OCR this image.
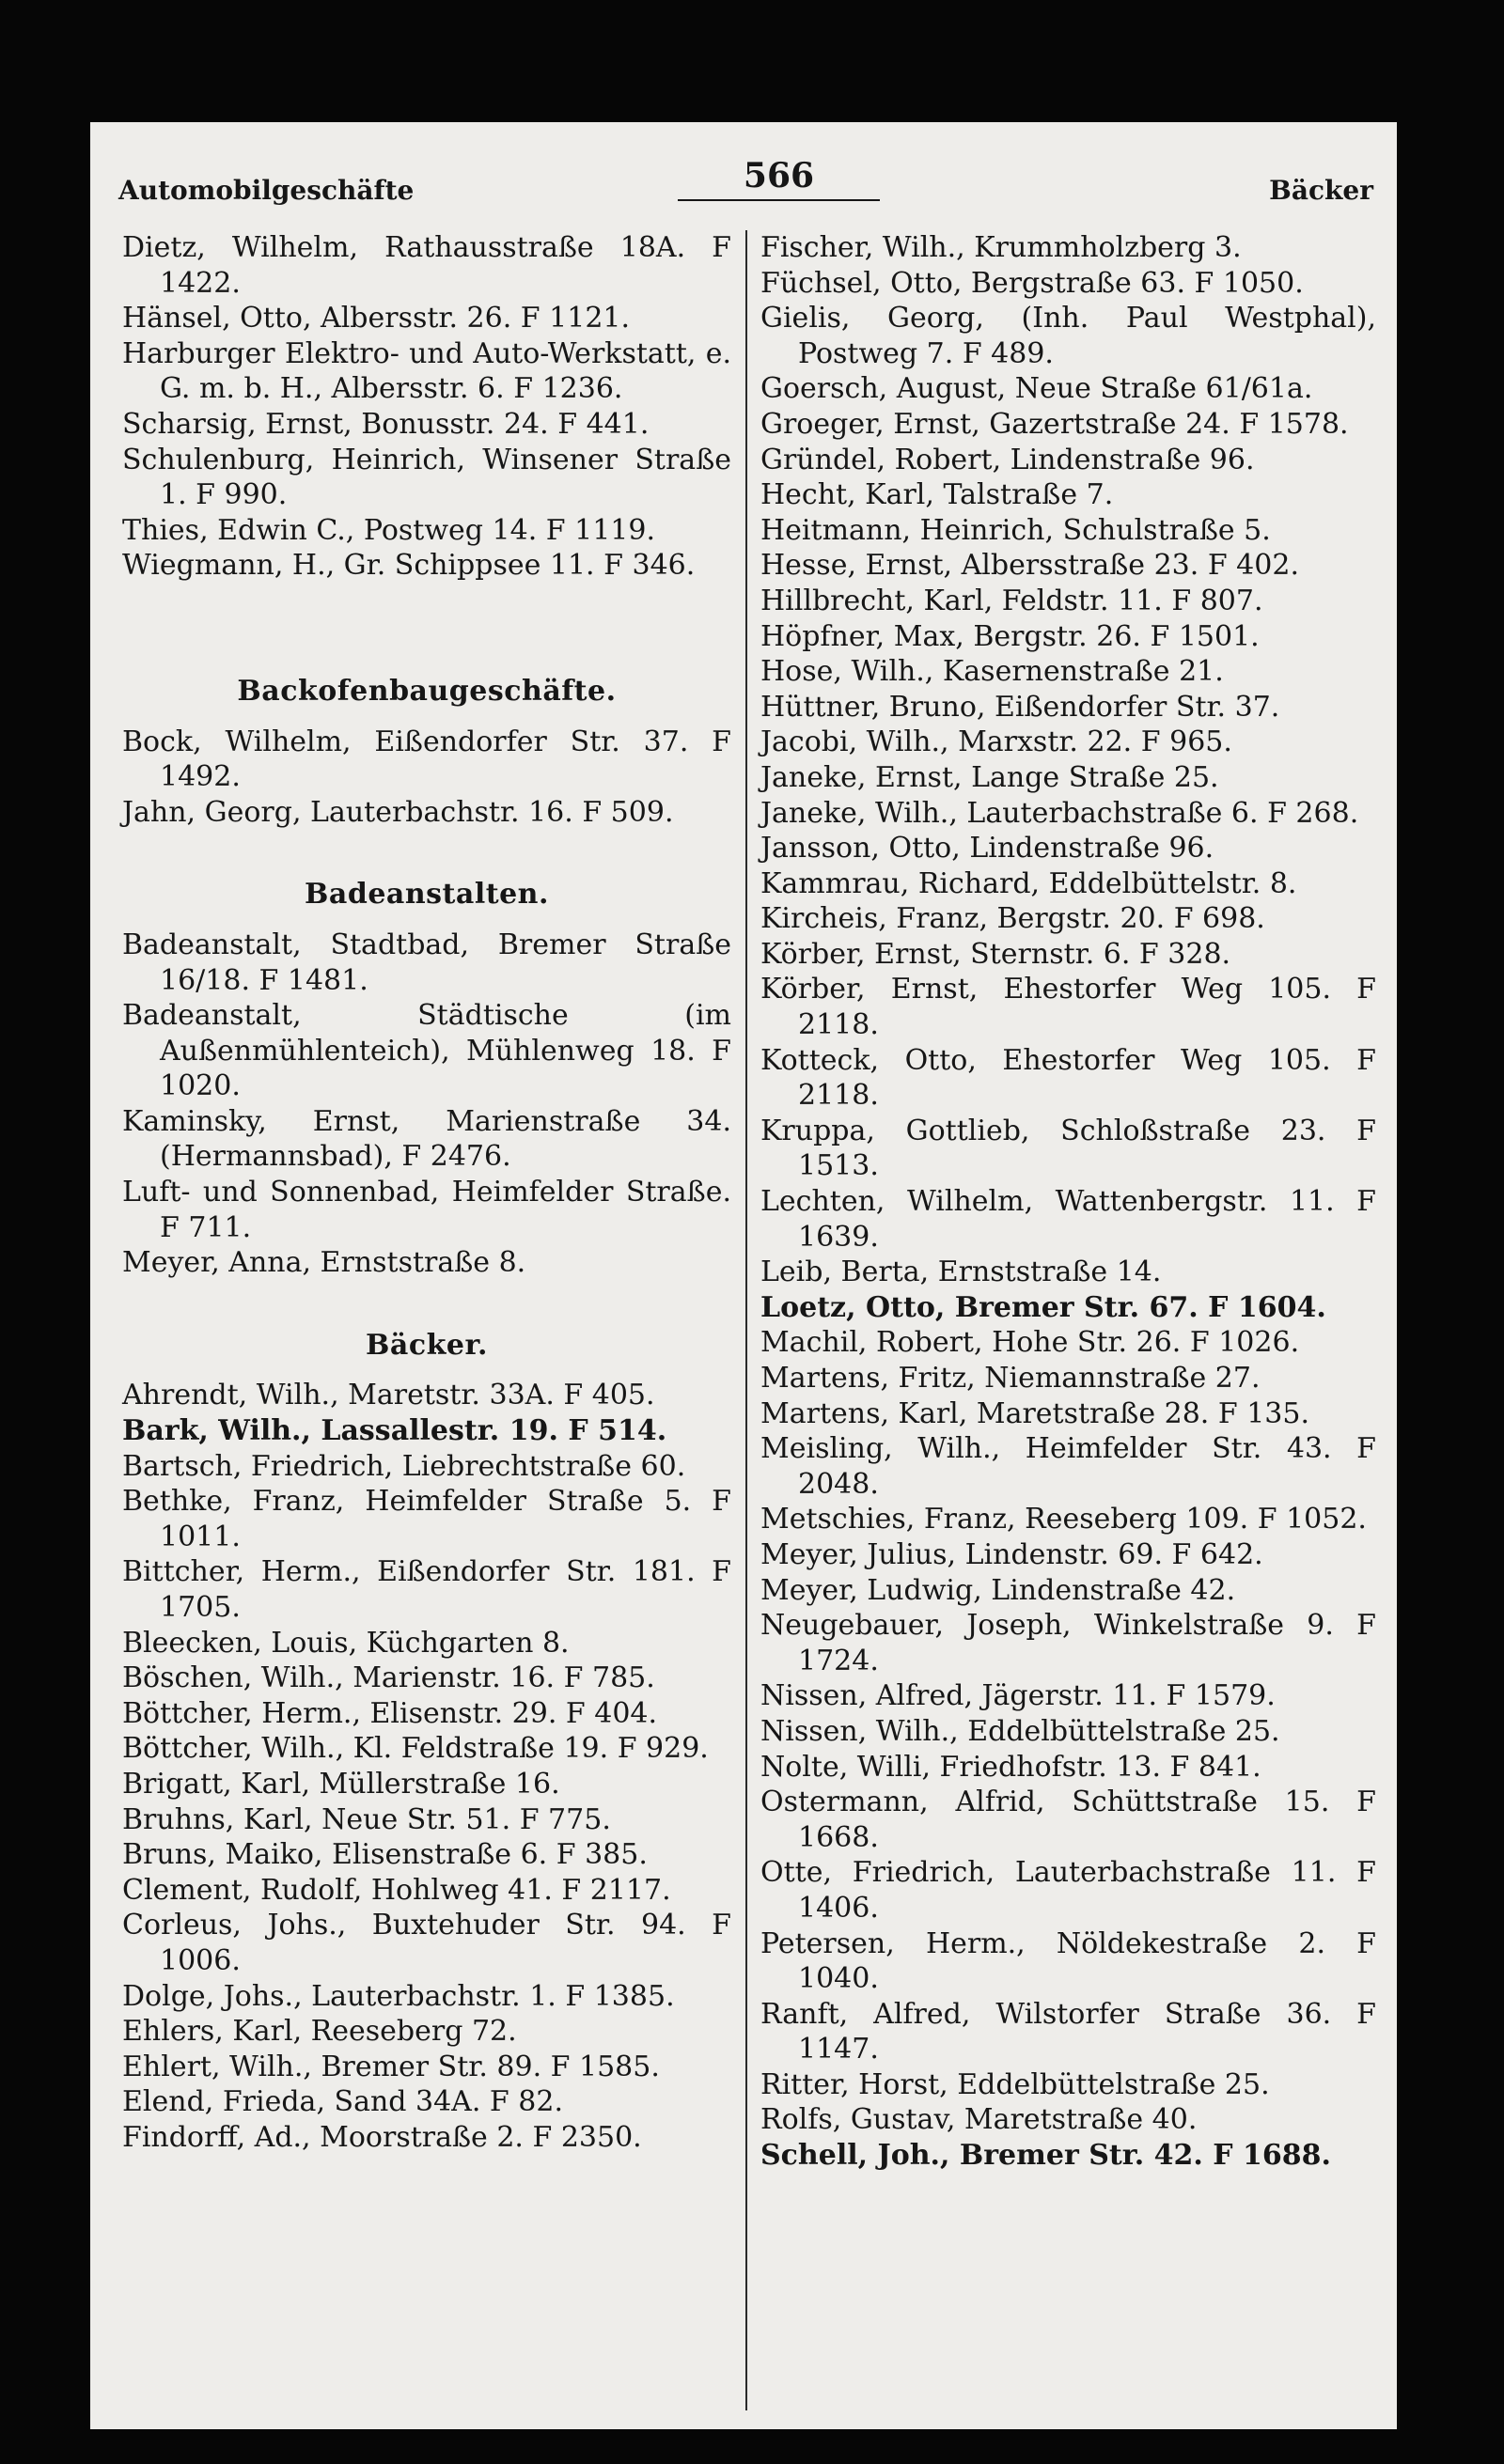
Automobilgeschäfte	566	Bäcker

Dietz, Wilhelm, Rathausstraße 18A. F 1422.

Hänsel, Otto, Albersstr. 26. F 1121.

Harburger Elektro- und Auto-Werkstatt, e. G. m. b. H., Albersstr. 6. F 1236.

Scharsig, Ernst, Bonusstr. 24. F 441.

Schulenburg, Heinrich, Winsener Straße 1. F 990.

Thies, Edwin C., Postweg 14. F 1119.

Wiegmann, H., Gr. Schippsee 11. F 346.

Backofenbaugeschäfte.

Bock, Wilhelm, Eißendorfer Str. 37. F 1492.

Jahn, Georg, Lauterbachstr. 16. F 509.

Badeanstalten.

Badeanstalt, Stadtbad, Bremer Straße 16/18. F 1481.

Badeanstalt, Städtische (im Außenmühlenteich), Mühlenweg 18. F 1020.

Kaminsky, Ernst, Marienstraße 34. (Hermannsbad), F 2476.

Luft- und Sonnenbad, Heimfelder Straße. F 711.

Meyer, Anna, Ernststraße 8.

Bäcker.

Ahrendt, Wilh., Maretstr. 33A. F 405.

Bark, Wilh., Lassallestr. 19. F 514.

Bartsch, Friedrich, Liebrechtstraße 60.

Bethke, Franz, Heimfelder Straße 5. F 1011.

Bittcher, Herm., Eißendorfer Str. 181. F 1705.

Bleecken, Louis, Küchgarten 8.

Böschen, Wilh., Marienstr. 16. F 785.

Böttcher, Herm., Elisenstr. 29. F 404.

Böttcher, Wilh., Kl. Feldstraße 19. F 929.

Brigatt, Karl, Müllerstraße 16.

Bruhns, Karl, Neue Str. 51. F 775.

Bruns, Maiko, Elisenstraße 6. F 385.

Clement, Rudolf, Hohlweg 41. F 2117.

Corleus, Johs., Buxtehuder Str. 94. F 1006.

Dolge, Johs., Lauterbachstr. 1. F 1385.

Ehlers, Karl, Reeseberg 72.

Ehlert, Wilh., Bremer Str. 89. F 1585.

Elend, Frieda, Sand 34A. F 82.

Findorff, Ad., Moorstraße 2. F 2350.

Fischer, Wilh., Krummholzberg 3.

Füchsel, Otto, Bergstraße 63. F 1050.

Gielis, Georg, (Inh. Paul Westphal), Postweg 7. F 489.

Goersch, August, Neue Straße 61/61a.

Groeger, Ernst, Gazertstraße 24. F 1578.

Gründel, Robert, Lindenstraße 96.

Hecht, Karl, Talstraße 7.

Heitmann, Heinrich, Schulstraße 5.

Hesse, Ernst, Albersstraße 23. F 402.

Hillbrecht, Karl, Feldstr. 11. F 807.

Höpfner, Max, Bergstr. 26. F 1501.

Hose, Wilh., Kasernenstraße 21.

Hüttner, Bruno, Eißendorfer Str. 37.

Jacobi, Wilh., Marxstr. 22. F 965.

Janeke, Ernst, Lange Straße 25.

Janeke, Wilh., Lauterbachstraße 6. F 268.

Jansson, Otto, Lindenstraße 96.

Kammrau, Richard, Eddelbüttelstr. 8.

Kircheis, Franz, Bergstr. 20. F 698.

Körber, Ernst, Sternstr. 6. F 328.

Körber, Ernst, Ehestorfer Weg 105. F 2118.

Kotteck, Otto, Ehestorfer Weg 105. F 2118.

Kruppa, Gottlieb, Schloßstraße 23. F 1513.

Lechten, Wilhelm, Wattenbergstr. 11. F 1639.

Leib, Berta, Ernststraße 14.

Loetz, Otto, Bremer Str. 67. F 1604.

Machil, Robert, Hohe Str. 26. F 1026.

Martens, Fritz, Niemannstraße 27.

Martens, Karl, Maretstraße 28. F 135.

Meisling, Wilh., Heimfelder Str. 43. F 2048.

Metschies, Franz, Reeseberg 109. F 1052.

Meyer, Julius, Lindenstr. 69. F 642.

Meyer, Ludwig, Lindenstraße 42.

Neugebauer, Joseph, Winkelstraße 9. F 1724.

Nissen, Alfred, Jägerstr. 11. F 1579.

Nissen, Wilh., Eddelbüttelstraße 25.

Nolte, Willi, Friedhofstr. 13. F 841.

Ostermann, Alfrid, Schüttstraße 15. F 1668.

Otte, Friedrich, Lauterbachstraße 11. F 1406.

Petersen, Herm., Nöldekestraße 2. F 1040.

Ranft, Alfred, Wilstorfer Straße 36. F 1147.

Ritter, Horst, Eddelbüttelstraße 25.

Rolfs, Gustav, Maretstraße 40.

Schell, Joh., Bremer Str. 42. F 1688.
